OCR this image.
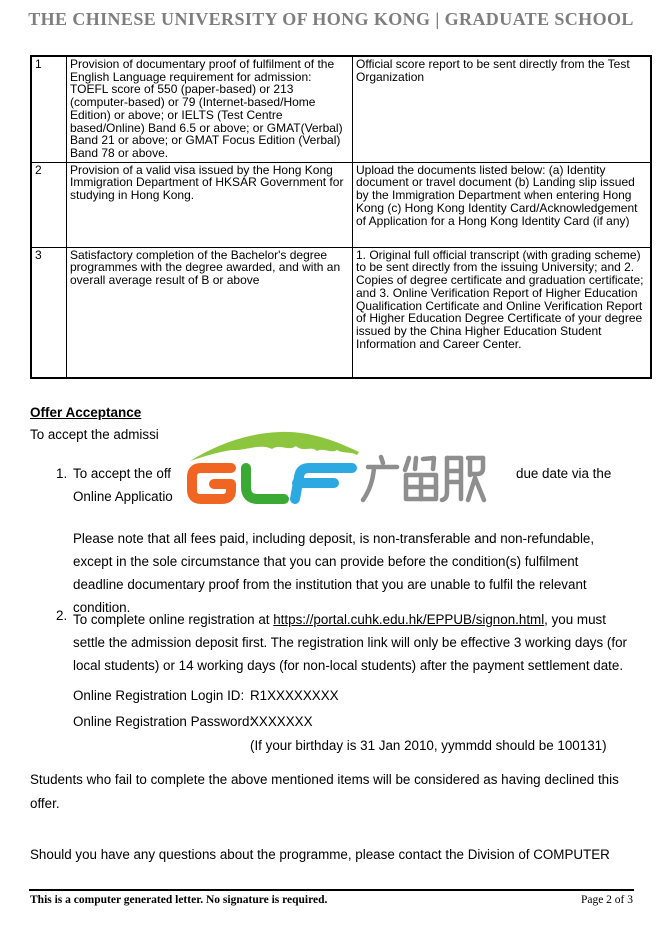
THE CHINESE UNIVERSITY OF HONG KONG | GRADUATE SCHOOL
1	Provision of documentary proof of fulfilment of the English Language requirement for admission: TOEFL score of 550 (paper-based) or 213 (computer-based) or 79 (Internet-based/Home Edition) or above; or IELTS (Test Centre based/Online) Band 6.5 or above; or GMAT(Verbal) Band 21 or above; or GMAT Focus Edition (Verbal) Band 78 or above.	Official score report to be sent directly from the Test Organization
2	Provision of a valid visa issued by the Hong Kong Immigration Department of HKSAR Government for studying in Hong Kong.	Upload the documents listed below: (a) Identity document or travel document (b) Landing slip issued by the Immigration Department when entering Hong Kong (c) Hong Kong Identity Card/Acknowledgement of Application for a Hong Kong Identity Card (if any)
3	Satisfactory completion of the Bachelor's degree programmes with the degree awarded, and with an overall average result of B or above	1. Original full official transcript (with grading scheme) to be sent directly from the issuing University; and 2. Copies of degree certificate and graduation certificate; and 3. Online Verification Report of Higher Education Qualification Certificate and Online Verification Report of Higher Education Degree Certificate of your degree issued by the China Higher Education Student Information and Career Center.
Offer Acceptance
To accept the admissi
1. To accept the off	due date via the
Online Applicatio
Please note that all fees paid, including deposit, is non-transferable and non-refundable, except in the sole circumstance that you can provide before the condition(s) fulfilment deadline documentary proof from the institution that you are unable to fulfil the relevant condition.
2. To complete online registration at https://portal.cuhk.edu.hk/EPPUB/signon.html, you must settle the admission deposit first. The registration link will only be effective 3 working days (for local students) or 14 working days (for non-local students) after the payment settlement date.
Online Registration Login ID: R1XXXXXXXX
Online Registration Password:
XXXXXXX
(If your birthday is 31 Jan 2010, yymmdd should be 100131)
Students who fail to complete the above mentioned items will be considered as having declined this offer.
Should you have any questions about the programme, please contact the Division of COMPUTER
This is a computer generated letter. No signature is required.	Page 2 of 3
